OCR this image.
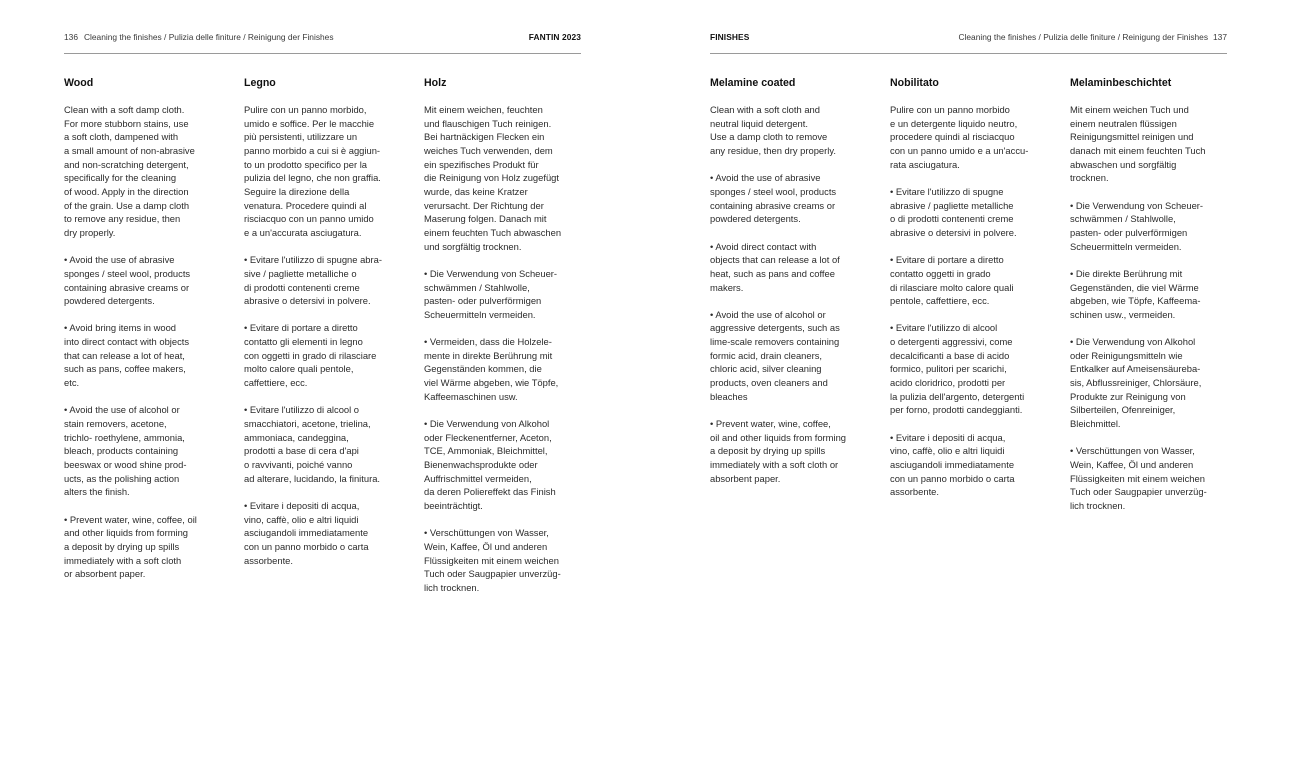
136 Cleaning the finishes / Pulizia delle finiture / Reinigung der Finishes	FANTIN 2023
Wood
Clean with a soft damp cloth.
For more stubborn stains, use
a soft cloth, dampened with
a small amount of non-abrasive
and non-scratching detergent,
specifically for the cleaning
of wood. Apply in the direction
of the grain. Use a damp cloth
to remove any residue, then
dry properly.
• Avoid the use of abrasive
sponges / steel wool, products
containing abrasive creams or
powdered detergents.
• Avoid bring items in wood
into direct contact with objects
that can release a lot of heat,
such as pans, coffee makers,
etc.
• Avoid the use of alcohol or
stain removers, acetone,
trichlo- roethylene, ammonia,
bleach, products containing
beeswax or wood shine prod-
ucts, as the polishing action
alters the finish.
• Prevent water, wine, coffee, oil
and other liquids from forming
a deposit by drying up spills
immediately with a soft cloth
or absorbent paper.
Legno
Pulire con un panno morbido,
umido e soffice. Per le macchie
più persistenti, utilizzare un
panno morbido a cui si è aggiun-
to un prodotto specifico per la
pulizia del legno, che non graffia.
Seguire la direzione della
venatura. Procedere quindi al
risciacquo con un panno umido
e a un'accurata asciugatura.
• Evitare l'utilizzo di spugne abra-
sive / pagliette metalliche o
di prodotti contenenti creme
abrasive o detersivi in polvere.
• Evitare di portare a diretto
contatto gli elementi in legno
con oggetti in grado di rilasciare
molto calore quali pentole,
caffettiere, ecc.
• Evitare l'utilizzo di alcool o
smacchiatori, acetone, trielina,
ammoniaca, candeggina,
prodotti a base di cera d'api
o ravvivanti, poiché vanno
ad alterare, lucidando, la finitura.
• Evitare i depositi di acqua,
vino, caffè, olio e altri liquidi
asciugandoli immediatamente
con un panno morbido o carta
assorbente.
Holz
Mit einem weichen, feuchten
und flauschigen Tuch reinigen.
Bei hartnäckigen Flecken ein
weiches Tuch verwenden, dem
ein spezifisches Produkt für
die Reinigung von Holz zugefügt
wurde, das keine Kratzer
verursacht. Der Richtung der
Maserung folgen. Danach mit
einem feuchten Tuch abwaschen
und sorgfältig trocknen.
• Die Verwendung von Scheuer-
schwämmen / Stahlwolle,
pasten- oder pulverförmigen
Scheuermitteln vermeiden.
• Vermeiden, dass die Holzele-
mente in direkte Berührung mit
Gegenständen kommen, die
viel Wärme abgeben, wie Töpfe,
Kaffeemaschinen usw.
• Die Verwendung von Alkohol
oder Fleckenentferner, Aceton,
TCE, Ammoniak, Bleichmittel,
Bienenwachsprodukte oder
Auffrischmittel vermeiden,
da deren Poliereffekt das Finish
beeinträchtigt.
• Verschüttungen von Wasser,
Wein, Kaffee, Öl und anderen
Flüssigkeiten mit einem weichen
Tuch oder Saugpapier unverzüg-
lich trocknen.
FINISHES	Cleaning the finishes / Pulizia delle finiture / Reinigung der Finishes 137
Melamine coated
Clean with a soft cloth and
neutral liquid detergent.
Use a damp cloth to remove
any residue, then dry properly.
• Avoid the use of abrasive
sponges / steel wool, products
containing abrasive creams or
powdered detergents.
• Avoid direct contact with
objects that can release a lot of
heat, such as pans and coffee
makers.
• Avoid the use of alcohol or
aggressive detergents, such as
lime-scale removers containing
formic acid, drain cleaners,
chloric acid, silver cleaning
products, oven cleaners and
bleaches
• Prevent water, wine, coffee,
oil and other liquids from forming
a deposit by drying up spills
immediately with a soft cloth or
absorbent paper.
Nobilitato
Pulire con un panno morbido
e un detergente liquido neutro,
procedere quindi al risciacquo
con un panno umido e a un'accu-
rata asciugatura.
• Evitare l'utilizzo di spugne
abrasive / pagliette metalliche
o di prodotti contenenti creme
abrasive o detersivi in polvere.
• Evitare di portare a diretto
contatto oggetti in grado
di rilasciare molto calore quali
pentole, caffettiere, ecc.
• Evitare l'utilizzo di alcool
o detergenti aggressivi, come
decalcificanti a base di acido
formico, pulitori per scarichi,
acido cloridrico, prodotti per
la pulizia dell'argento, detergenti
per forno, prodotti candeggianti.
• Evitare i depositi di acqua,
vino, caffè, olio e altri liquidi
asciugandoli immediatamente
con un panno morbido o carta
assorbente.
Melaminbeschichtet
Mit einem weichen Tuch und
einem neutralen flüssigen
Reinigungsmittel reinigen und
danach mit einem feuchten Tuch
abwaschen und sorgfältig
trocknen.
• Die Verwendung von Scheuer-
schwämmen / Stahlwolle,
pasten- oder pulverförmigen
Scheuermitteln vermeiden.
• Die direkte Berührung mit
Gegenständen, die viel Wärme
abgeben, wie Töpfe, Kaffeema-
schinen usw., vermeiden.
• Die Verwendung von Alkohol
oder Reinigungsmitteln wie
Entkalker auf Ameisensäureba-
sis, Abflussreiniger, Chlorsäure,
Produkte zur Reinigung von
Silberteilen, Ofenreiniger,
Bleichmittel.
• Verschüttungen von Wasser,
Wein, Kaffee, Öl und anderen
Flüssigkeiten mit einem weichen
Tuch oder Saugpapier unverzüg-
lich trocknen.
